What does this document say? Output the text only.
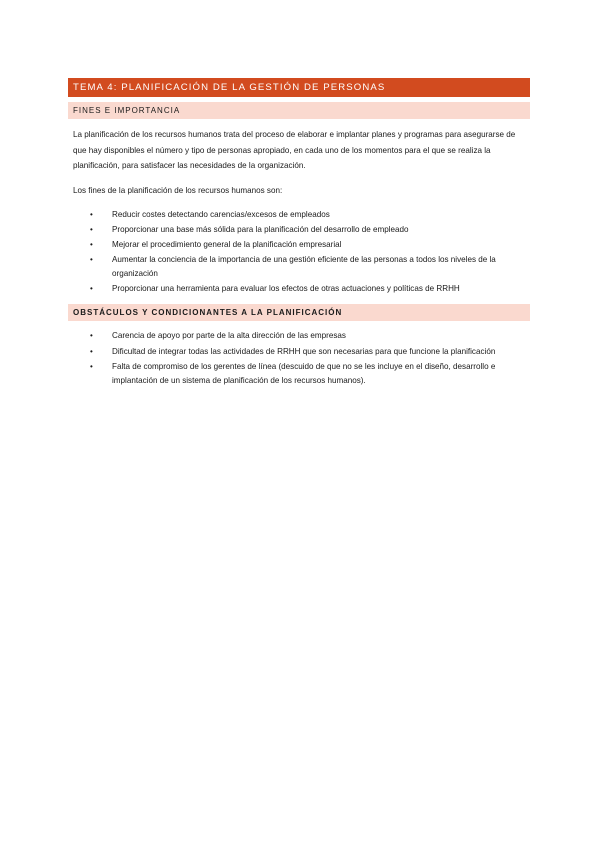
TEMA 4: PLANIFICACIÓN DE LA GESTIÓN DE PERSONAS
FINES E IMPORTANCIA

La planificación de los recursos humanos trata del proceso de elaborar e implantar planes y programas para asegurarse de que hay disponibles el número y tipo de personas apropiado, en cada uno de los momentos para el que se realiza la planificación, para satisfacer las necesidades de la organización.

Los fines de la planificación de los recursos humanos son:

• Reducir costes detectando carencias/excesos de empleados
• Proporcionar una base más sólida para la planificación del desarrollo de empleado
• Mejorar el procedimiento general de la planificación empresarial
• Aumentar la conciencia de la importancia de una gestión eficiente de las personas a todos los niveles de la organización
• Proporcionar una herramienta para evaluar los efectos de otras actuaciones y políticas de RRHH
OBSTÁCULOS Y CONDICIONANTES A LA PLANIFICACIÓN
• Carencia de apoyo por parte de la alta dirección de las empresas
• Dificultad de integrar todas las actividades de RRHH que son necesarias para que funcione la planificación
• Falta de compromiso de los gerentes de línea (descuido de que no se les incluye en el diseño, desarrollo e implantación de un sistema de planificación de los recursos humanos).
